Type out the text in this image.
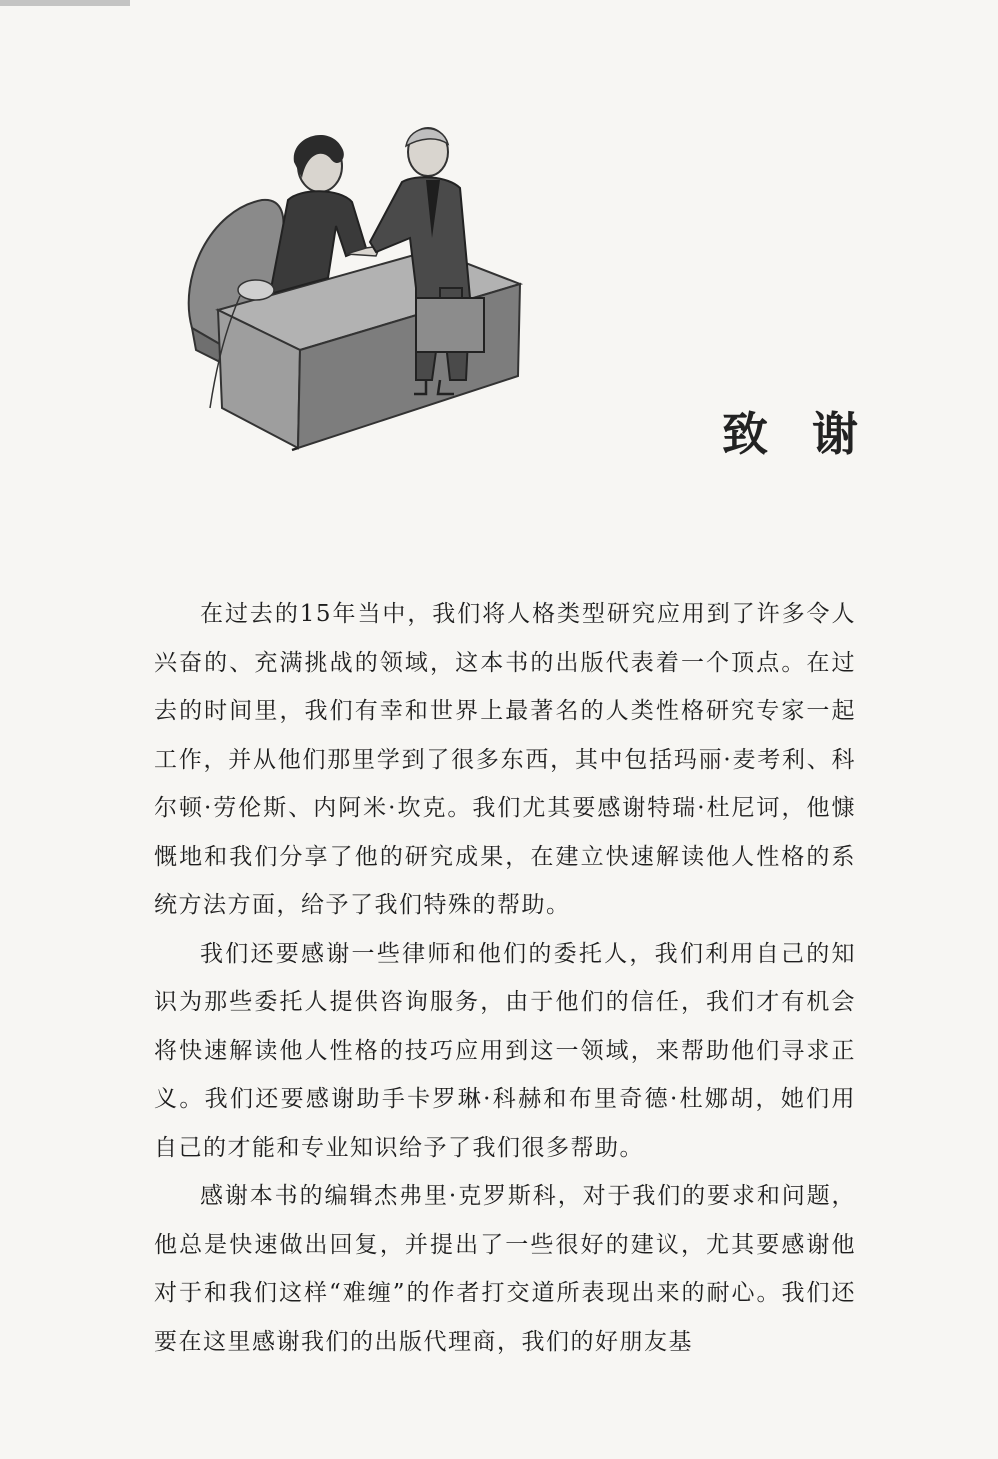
致 谢

在过去的15年当中，我们将人格类型研究应用到了许多令人兴奋的、充满挑战的领域，这本书的出版代表着一个顶点。在过去的时间里，我们有幸和世界上最著名的人类性格研究专家一起工作，并从他们那里学到了很多东西，其中包括玛丽·麦考利、科尔顿·劳伦斯、内阿米·坎克。我们尤其要感谢特瑞·杜尼诃，他慷慨地和我们分享了他的研究成果，在建立快速解读他人性格的系统方法方面，给予了我们特殊的帮助。

我们还要感谢一些律师和他们的委托人，我们利用自己的知识为那些委托人提供咨询服务，由于他们的信任，我们才有机会将快速解读他人性格的技巧应用到这一领域，来帮助他们寻求正义。我们还要感谢助手卡罗琳·科赫和布里奇德·杜娜胡，她们用自己的才能和专业知识给予了我们很多帮助。

感谢本书的编辑杰弗里·克罗斯科，对于我们的要求和问题，他总是快速做出回复，并提出了一些很好的建议，尤其要感谢他对于和我们这样“难缠”的作者打交道所表现出来的耐心。我们还要在这里感谢我们的出版代理商，我们的好朋友基
